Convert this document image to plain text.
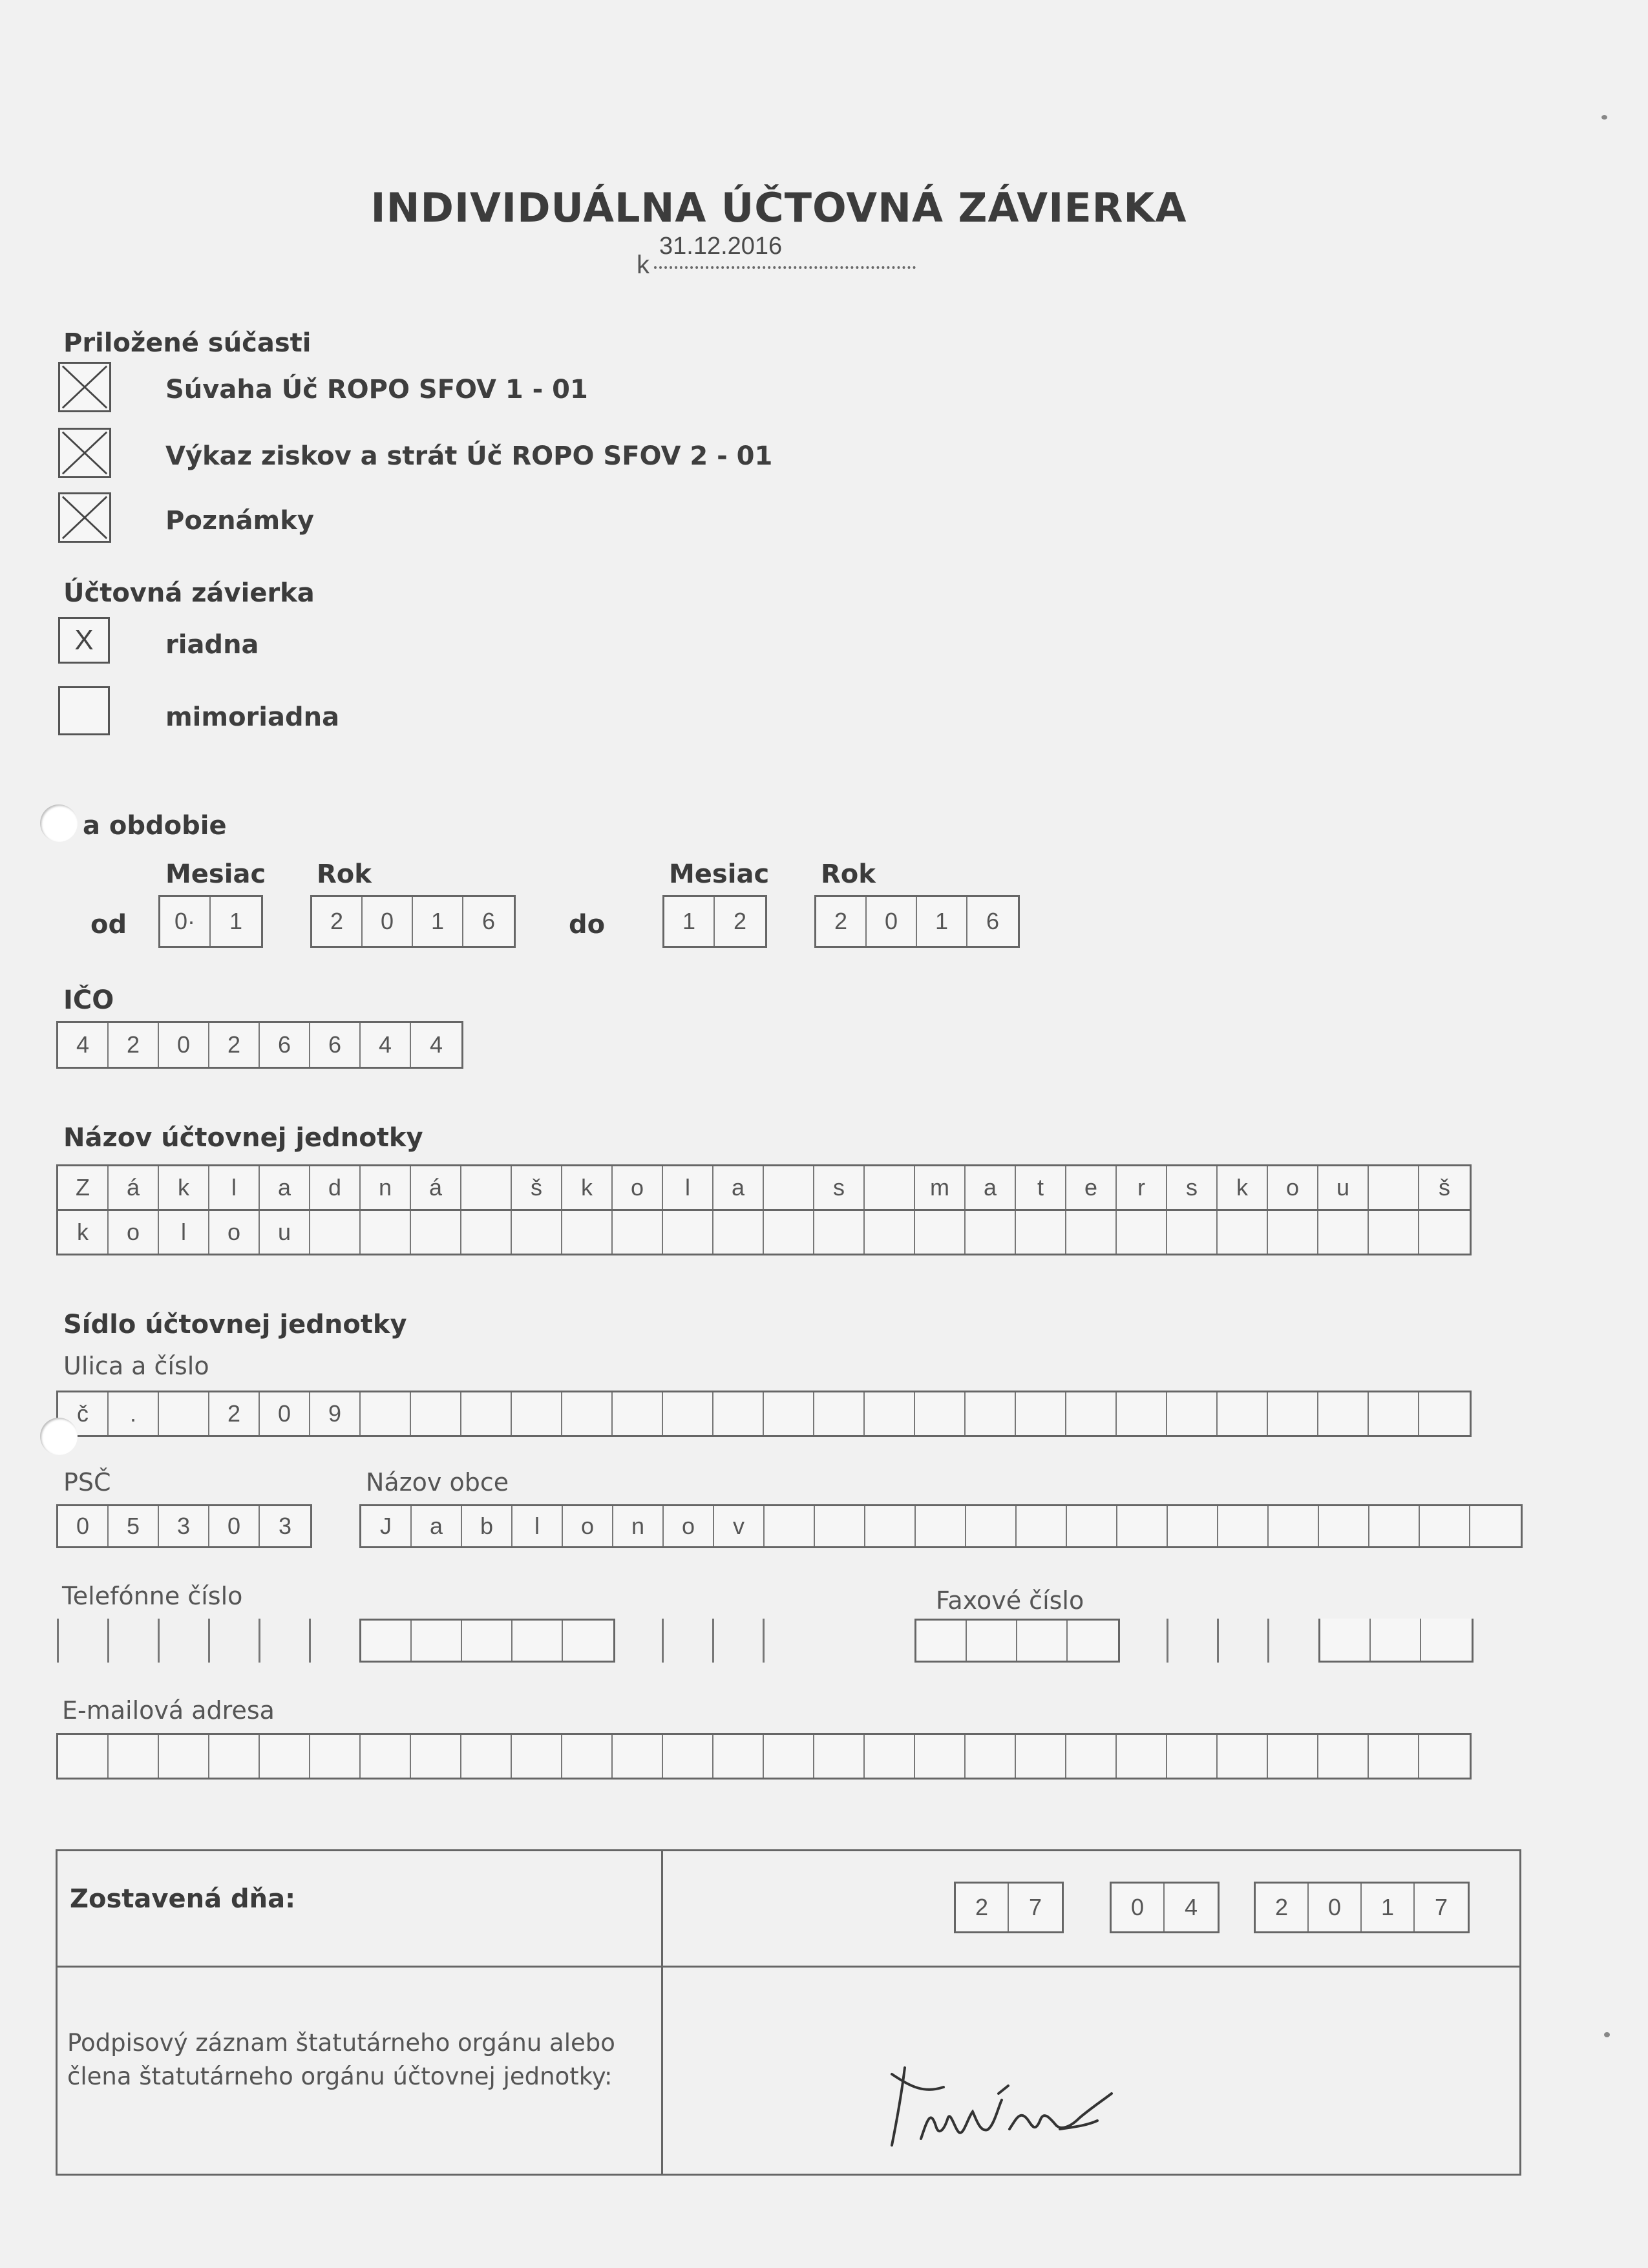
INDIVIDUÁLNA ÚČTOVNÁ ZÁVIERKA
k
31.12.2016
Priložené súčasti
Súvaha Úč ROPO SFOV 1 - 01
Výkaz ziskov a strát Úč ROPO SFOV 2 - 01
Poznámky
Účtovná závierka
X	riadna
mimoriadna
a obdobie
Mesiac Rok	Mesiac Rok
od	0·	1	2	0	1	6	do	1	2	2	0	1	6
IČO
4	2	0	2	6	6	4	4
Názov účtovnej jednotky
Z	á	k	l	a	d	n	á	š	k	o	l	a	s	m	a	t	e	r	s	k	o	u	š
k	o	l	o	u
Sídlo účtovnej jednotky
Ulica a číslo
č	.	2	0	9
PSČ
0	5	3	0	3
Názov obce
J	a	b	l	o	n	o	v
Telefónne číslo	Faxové číslo
E-mailová adresa
Zostavená dňa:	2	7	0	4	2	0	1	7
Podpisový záznam štatutárneho orgánu alebo
člena štatutárneho orgánu účtovnej jednotky:
